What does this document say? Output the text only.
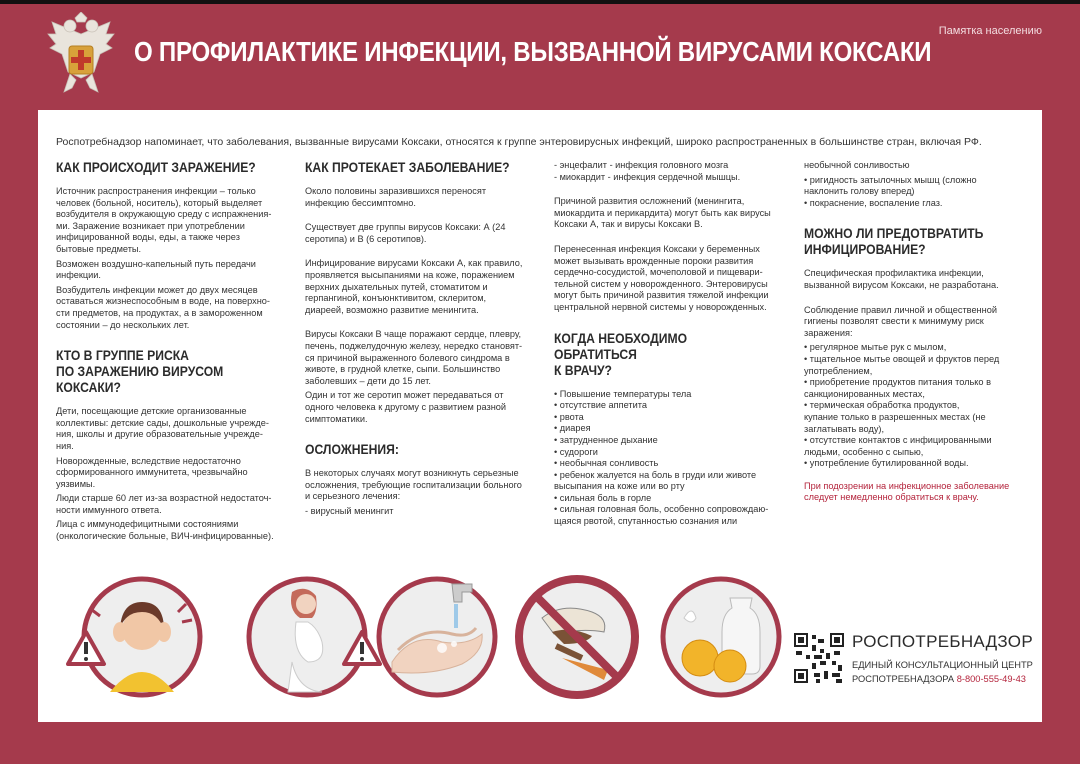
О ПРОФИЛАКТИКЕ ИНФЕКЦИИ, ВЫЗВАННОЙ ВИРУСАМИ КОКСАКИ
Памятка населению
Роспотребнадзор напоминает, что заболевания, вызванные вирусами Коксаки, относятся к группе энтеровирусных инфекций, широко распространенных в большинстве стран, включая РФ.
КАК ПРОИСХОДИТ ЗАРАЖЕНИЕ?

Источник распространения инфекции – только
человек (больной, носитель), который выделяет
возбудителя в окружающую среду с испражнения-
ми. Заражение возникает при употреблении
инфицированной воды, еды, а также через
бытовые предметы.

Возможен воздушно-капельный путь передачи
инфекции.

Возбудитель инфекции может до двух месяцев
оставаться жизнеспособным в воде, на поверхно-
сти предметов, на продуктах, а в замороженном
состоянии – до нескольких лет.

КТО В ГРУППЕ РИСКА
ПО ЗАРАЖЕНИЮ ВИРУСОМ КОКСАКИ?

Дети, посещающие детские организованные
коллективы: детские сады, дошкольные учрежде-
ния, школы и другие образовательные учрежде-
ния.

Новорожденные, вследствие недостаточно
сформированного иммунитета, чрезвычайно
уязвимы.

Люди старше 60 лет из-за возрастной недостаточ-
ности иммунного ответа.

Лица с иммунодефицитными состояниями
(онкологические больные, ВИЧ-инфицированные).

КАК ПРОТЕКАЕТ ЗАБОЛЕВАНИЕ?

Около половины заразившихся переносят
инфекцию бессимптомно.

Существует две группы вирусов Коксаки: А (24
серотипа) и В (6 серотипов).

Инфицирование вирусами Коксаки А, как правило,
проявляется высыпаниями на коже, поражением
верхних дыхательных путей, стоматитом и
герпангиной, конъюнктивитом, склеритом,
диареей, возможно развитие менингита.

Вирусы Коксаки В чаще поражают сердце, плевру,
печень, поджелудочную железу, нередко становят-
ся причиной выраженного болевого синдрома в
животе, в грудной клетке, сыпи. Большинство
заболевших – дети до 15 лет.

Один и тот же серотип может передаваться от
одного человека к другому с развитием разной
симптоматики.

ОСЛОЖНЕНИЯ:

В некоторых случаях могут возникнуть серьезные
осложнения, требующие госпитализации больного
и серьезного лечения:

- вирусный менингит

- энцефалит - инфекция головного мозга
- миокардит - инфекция сердечной мышцы.

Причиной развития осложнений (менингита,
миокардита и перикардита) могут быть как вирусы
Коксаки А, так и вирусы Коксаки В.

Перенесенная инфекция Коксаки у беременных
может вызывать врожденные пороки развития
сердечно-сосудистой, мочеполовой и пищевари-
тельной систем у новорожденного. Энтеровирусы
могут быть причиной развития тяжелой инфекции
центральной нервной системы у новорожденных.

КОГДА НЕОБХОДИМО ОБРАТИТЬСЯ
К ВРАЧУ?
• Повышение температуры тела
• отсутствие аппетита
• рвота
• диарея
• затрудненное дыхание
• судороги
• необычная сонливость
• ребенок жалуется на боль в груди или животе
высыпания на коже или во рту
• сильная боль в горле
• сильная головная боль, особенно сопровождаю-
щаяся рвотой, спутанностью сознания или

необычной сонливостью

• ригидность затылочных мышц (сложно
наклонить голову вперед)
• покраснение, воспаление глаз.
МОЖНО ЛИ ПРЕДОТВРАТИТЬ
ИНФИЦИРОВАНИЕ?

Специфическая профилактика инфекции,
вызванной вирусом Коксаки, не разработана.

Соблюдение правил личной и общественной
гигиены позволят свести к минимуму риск
заражения:

• регулярное мытье рук с мылом,
• тщательное мытье овощей и фруктов перед
употреблением,
• приобретение продуктов питания только в
санкционированных местах,
• термическая обработка продуктов,
купание только в разрешенных местах (не
заглатывать воду),
• отсутствие контактов с инфицированными
людьми, особенно с сыпью,
• употребление бутилированной воды.

При подозрении на инфекционное заболевание
следует немедленно обратиться к врачу.

РОСПОТРЕБНАДЗОР
ЕДИНЫЙ КОНСУЛЬТАЦИОННЫЙ ЦЕНТР
РОСПОТРЕБНАДЗОРА 8-800-555-49-43
